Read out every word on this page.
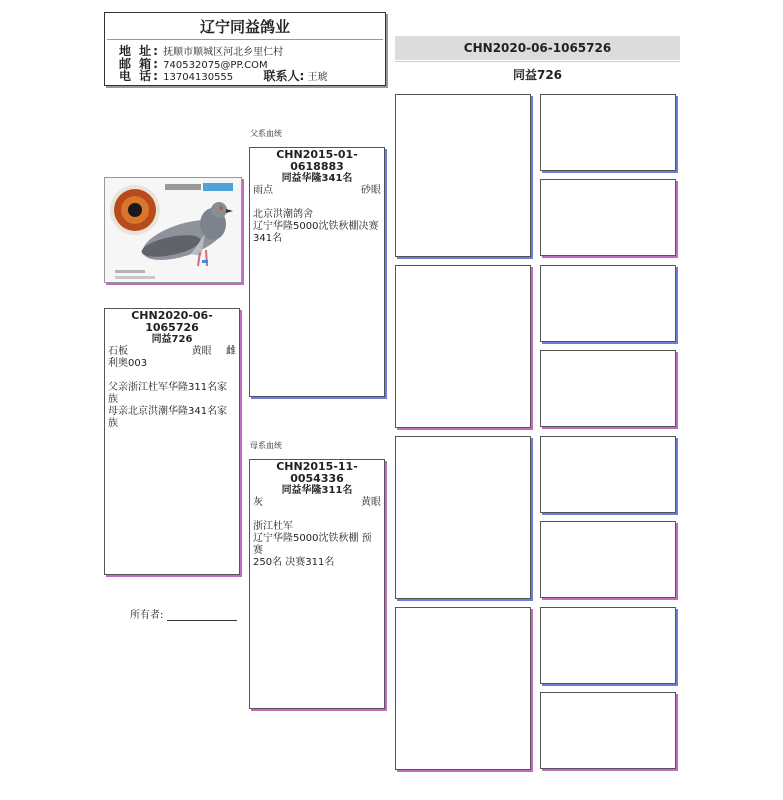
辽宁同益鸽业
地 址: 抚顺市顺城区河北乡里仁村
邮 箱: 740532075@PP.COM
电 话: 13704130555	联系人: 王琥
CHN2020-06-1065726
同益726
CHN2020-06-1065726
同益726
石板	黄眼 雌
利奥003
父亲浙江杜军华隆311名家族
母亲北京洪潮华隆341名家族
所有者:
父系血统
CHN2015-01-0618883
同益华隆341名
雨点	砂眼
北京洪潮鸽舍
辽宁华隆5000沈铁秋棚决赛
341名
母系血统
CHN2015-11-0054336
同益华隆311名
灰	黄眼
浙江杜军
辽宁华隆5000沈铁秋棚 预赛
250名 决赛311名
